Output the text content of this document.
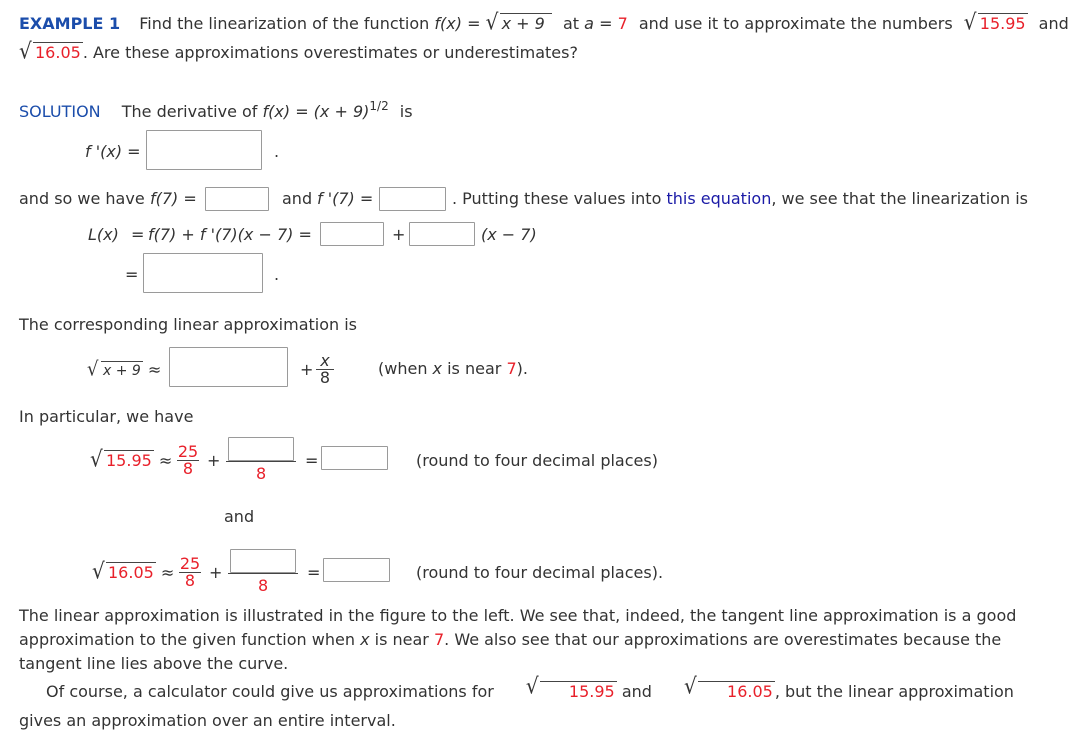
EXAMPLE 1 Find the linearization of the function f(x) = √ x + 9 at a = 7 and use it to approximate the numbers √ 15.95 and
√ 16.05 . Are these approximations overestimates or underestimates?
SOLUTION The derivative of $f(x) = (x + 9)^{1/2}$ is
f '(x) =	.
and so we have f(7) =	and f '(7) =	. Putting these values into this equation, we see that the linearization is
L(x) = f(7) + f '(7)(x − 7) =	+	(x − 7)
=	.
The corresponding linear approximation is
√ x + 9 ≈	+ $\frac{x}{8}$	(when x is near 7).
In particular, we have
√ $15.95 \approx \frac{25}{8}$ +
8
=	(round to four decimal places)
and
√ $16.05 \approx \frac{25}{8}$ +
8
=	(round to four decimal places).

The linear approximation is illustrated in the figure to the left. We see that, indeed, the tangent line approximation is a good approximation to the given function when x is near 7. We also see that our approximations are overestimates because the tangent line lies above the curve.

Of course, a calculator could give us approximations for	√ 15.95 and	√ 16.05 , but the linear approximation gives an approximation over an entire interval.
